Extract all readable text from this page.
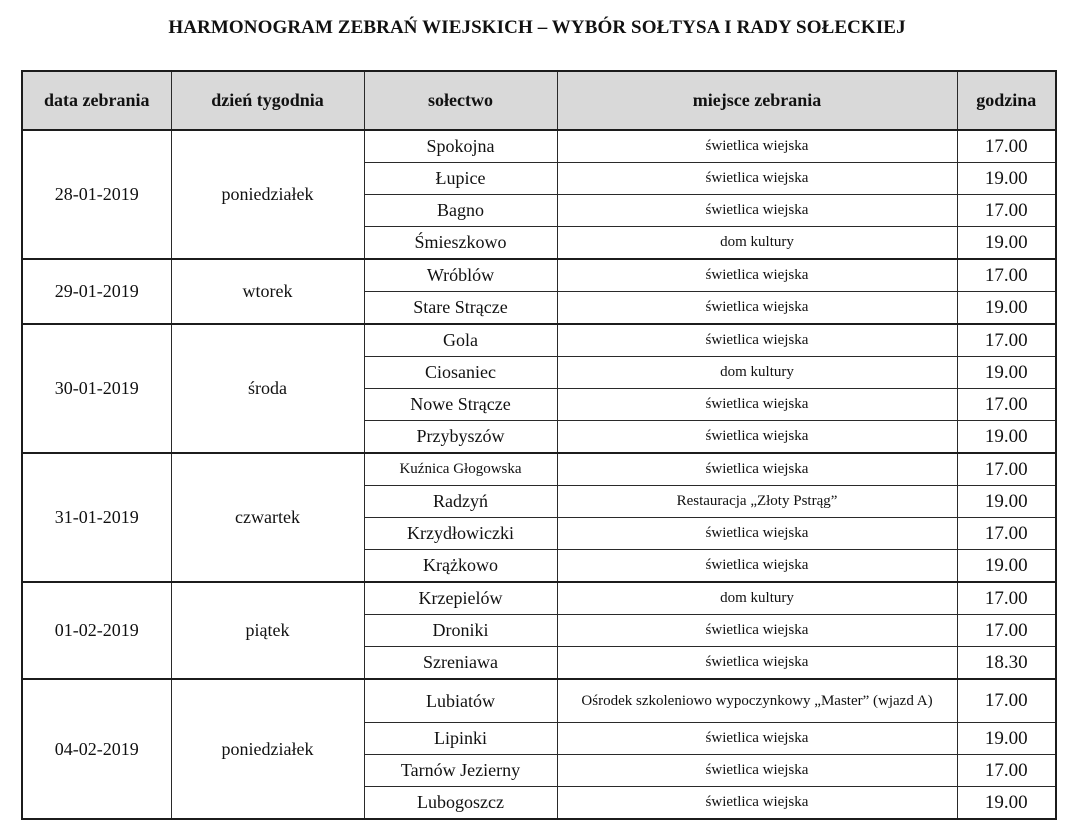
HARMONOGRAM ZEBRAŃ WIEJSKICH – WYBÓR SOŁTYSA I RADY SOŁECKIEJ
data zebrania	dzień tygodnia	sołectwo	miejsce zebrania	godzina
28-01-2019	poniedziałek	Spokojna	świetlica wiejska	17.00
		Łupice	świetlica wiejska	19.00
		Bagno	świetlica wiejska	17.00
		Śmieszkowo	dom kultury	19.00
29-01-2019	wtorek	Wróblów	świetlica wiejska	17.00
		Stare Strącze	świetlica wiejska	19.00
30-01-2019	środa	Gola	świetlica wiejska	17.00
		Ciosaniec	dom kultury	19.00
		Nowe Strącze	świetlica wiejska	17.00
		Przybyszów	świetlica wiejska	19.00
31-01-2019	czwartek	Kuźnica Głogowska	świetlica wiejska	17.00
		Radzyń	Restauracja „Złoty Pstrąg”	19.00
		Krzydłowiczki	świetlica wiejska	17.00
		Krążkowo	świetlica wiejska	19.00
01-02-2019	piątek	Krzepielów	dom kultury	17.00
		Droniki	świetlica wiejska	17.00
		Szreniawa	świetlica wiejska	18.30
04-02-2019	poniedziałek	Lubiatów	Ośrodek szkoleniowo wypoczynkowy „Master” (wjazd A)	17.00
		Lipinki	świetlica wiejska	19.00
		Tarnów Jezierny	świetlica wiejska	17.00
		Lubogoszcz	świetlica wiejska	19.00
